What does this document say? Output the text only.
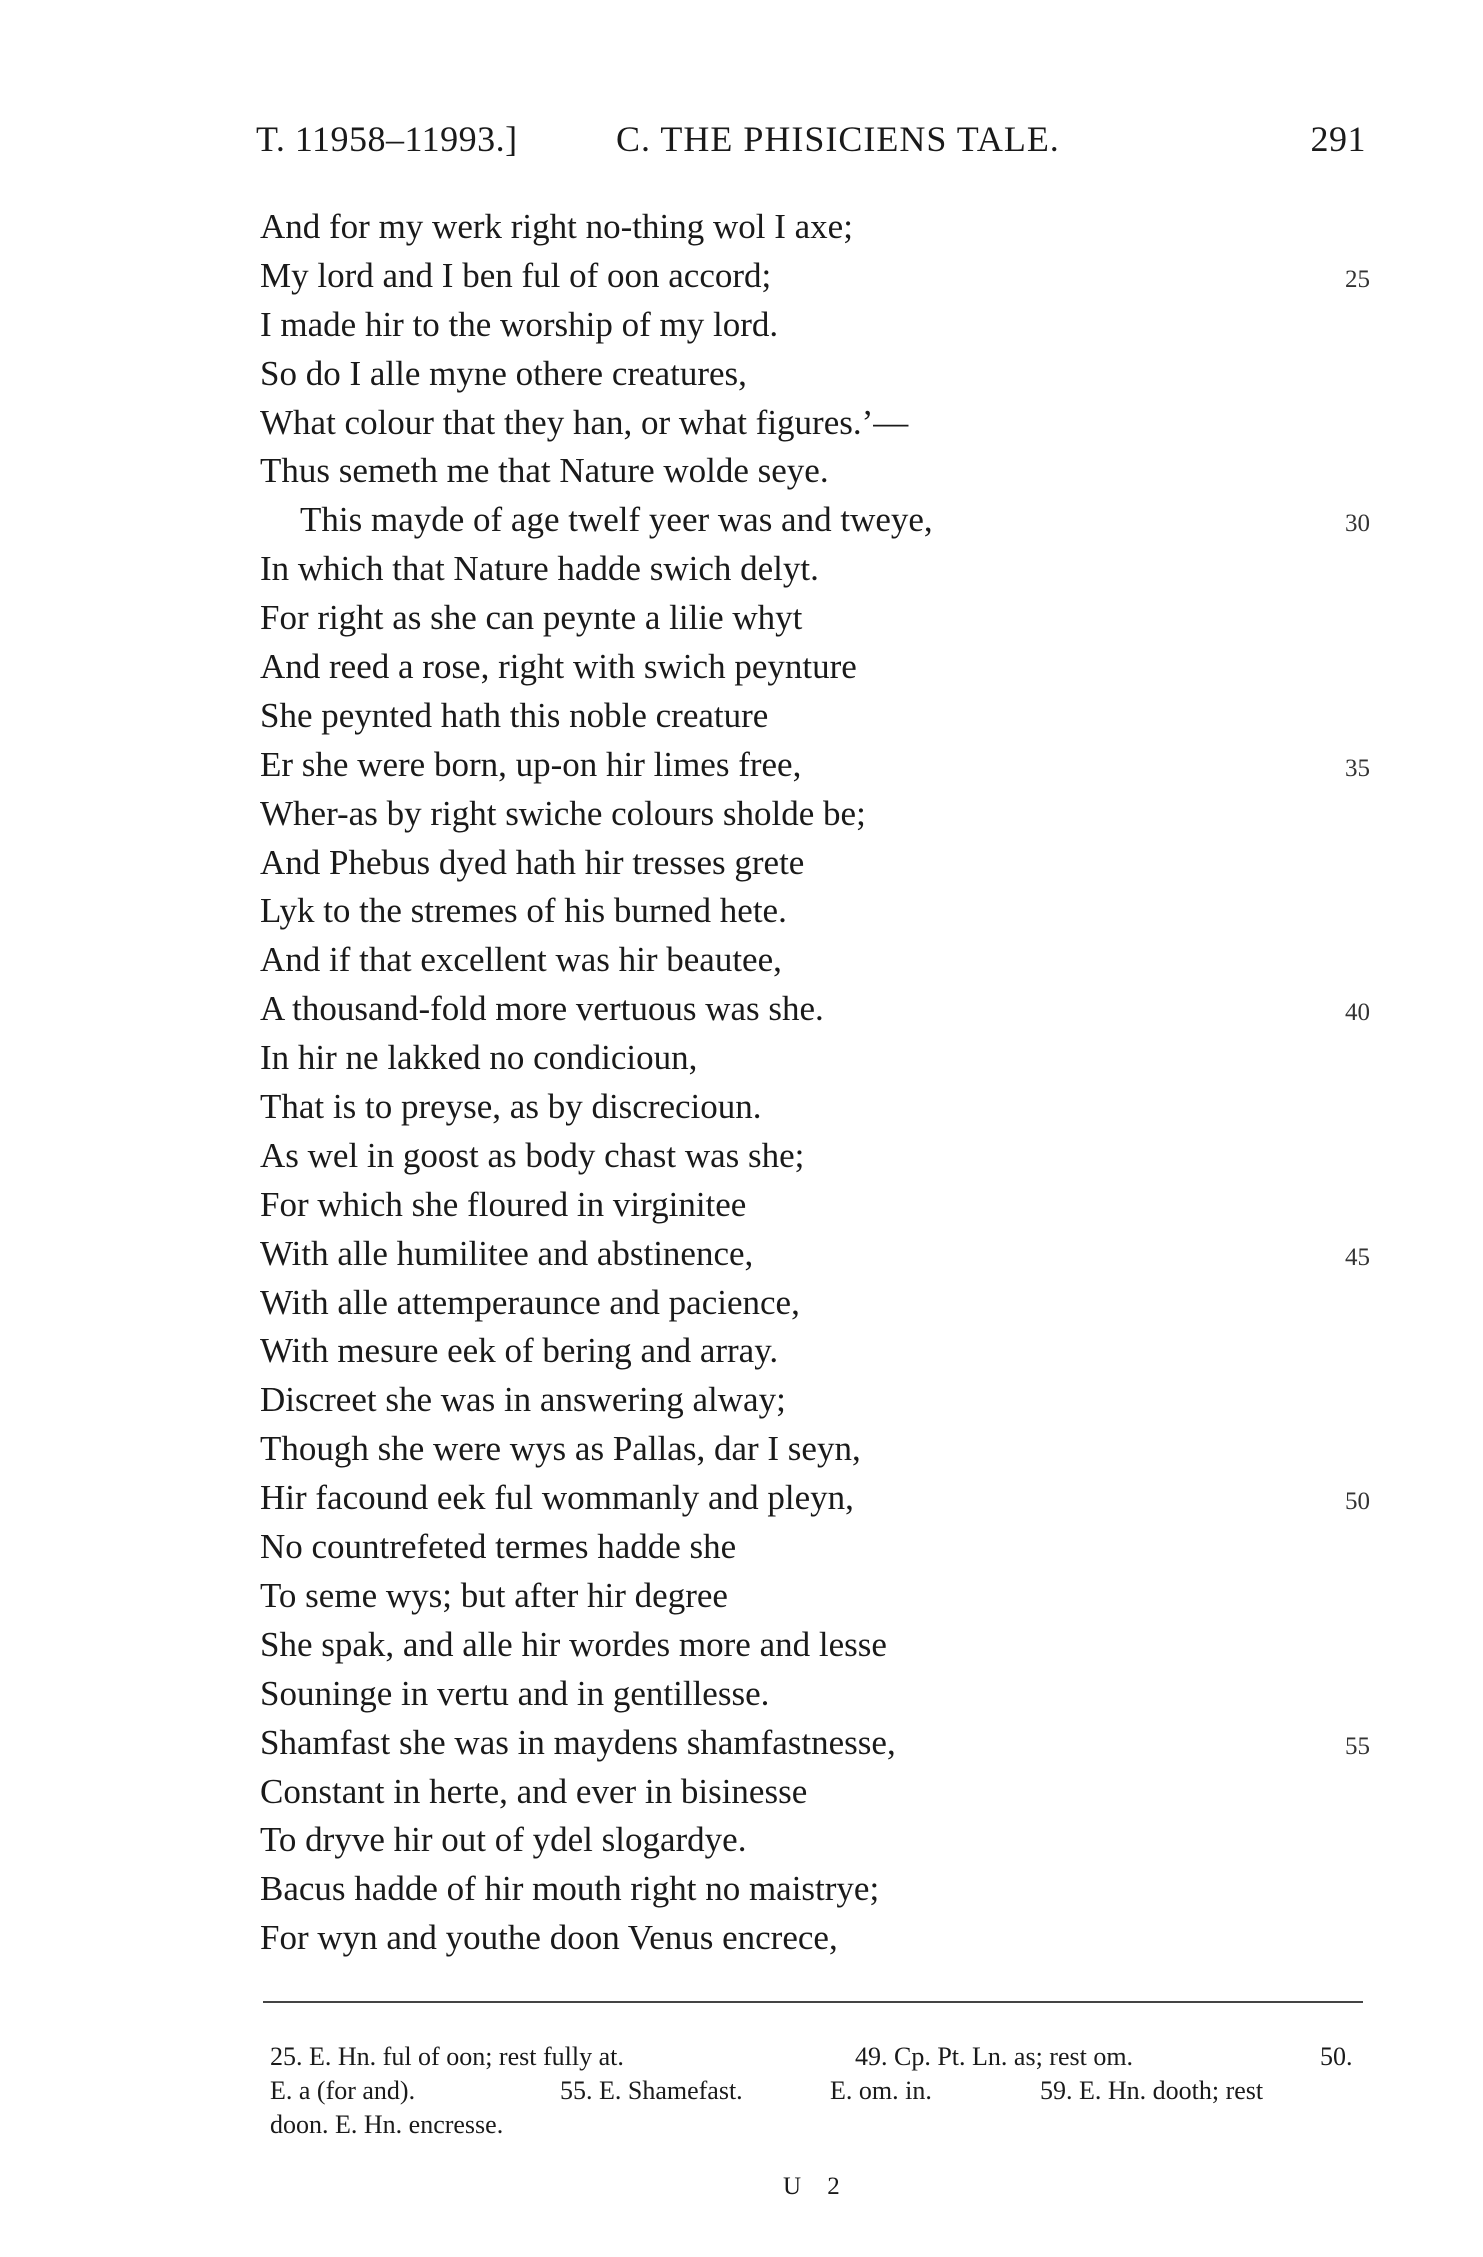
T. 11958–11993.]	C. THE PHISICIENS TALE.	291
And for my werk right no-thing wol I axe;
My lord and I ben ful of oon accord;	25
I made hir to the worship of my lord.
So do I alle myne othere creatures,
What colour that they han, or what figures.’—
Thus semeth me that Nature wolde seye.
This mayde of age twelf yeer was and tweye,	30
In which that Nature hadde swich delyt.
For right as she can peynte a lilie whyt
And reed a rose, right with swich peynture
She peynted hath this noble creature
Er she were born, up-on hir limes free,	35
Wher-as by right swiche colours sholde be;
And Phebus dyed hath hir tresses grete
Lyk to the stremes of his burned hete.
And if that excellent was hir beautee,
A thousand-fold more vertuous was she.	40
In hir ne lakked no condicioun,
That is to preyse, as by discrecioun.
As wel in goost as body chast was she;
For which she floured in virginitee
With alle humilitee and abstinence,	45
With alle attemperaunce and pacience,
With mesure eek of bering and array.
Discreet she was in answering alway;
Though she were wys as Pallas, dar I seyn,
Hir facound eek ful wommanly and pleyn,	50
No countrefeted termes hadde she
To seme wys; but after hir degree
She spak, and alle hir wordes more and lesse
Souninge in vertu and in gentillesse.
Shamfast she was in maydens shamfastnesse,	55
Constant in herte, and ever in bisinesse
To dryve hir out of ydel slogardye.
Bacus hadde of hir mouth right no maistrye;
For wyn and youthe doon Venus encrece,
25. E. Hn. ful of oon; rest fully at.	49. Cp. Pt. Ln. as; rest om.	50.
E. a (for and).	55. E. Shamefast.	E. om. in.	59. E. Hn. dooth; rest
doon. E. Hn. encresse.
U 2
